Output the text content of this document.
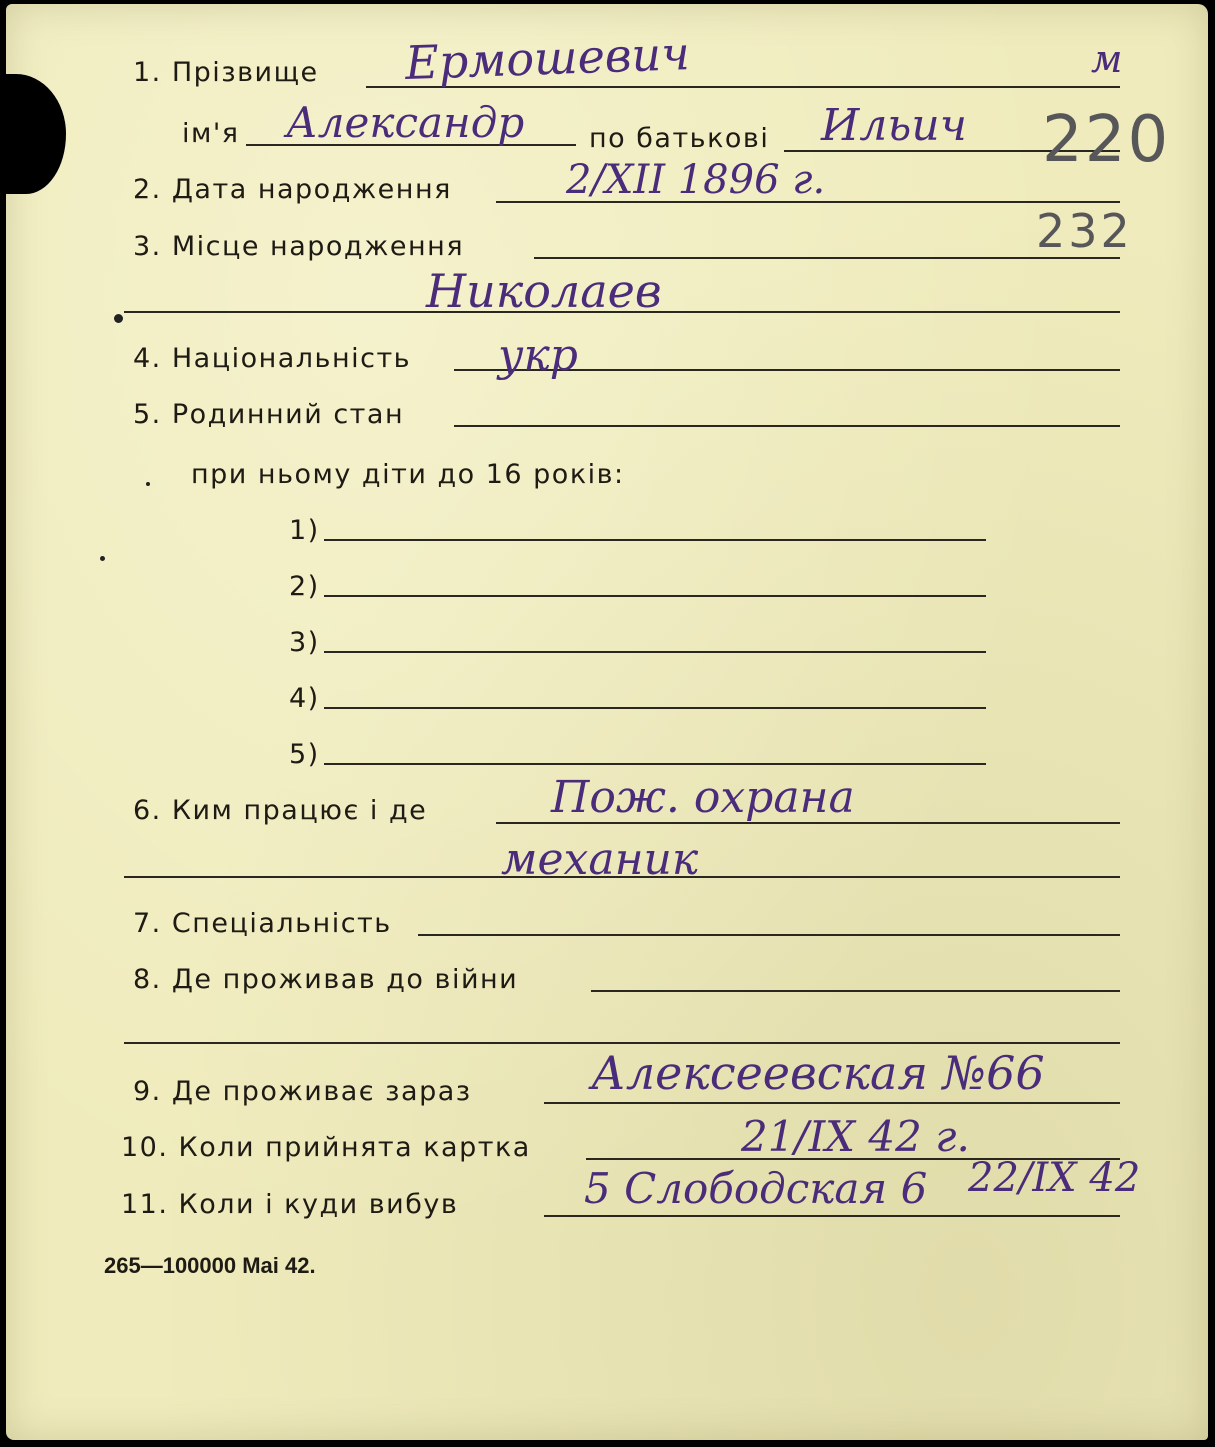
1. Прізвище Ермошевич	м
ім'я Александр по батькові Ильич 220
2. Дата народження	2/XII 1896 г.
3. Місце народження	232
Николаев
4. Національність укр
5. Родинний стан
при ньому діти до 16 років:
1)
2)
3)
4)
5)
6. Ким працює і де	Пож. охрана
механик
7. Спеціальність
8. Де проживав до війни
9. Де проживає зараз	Алексеевская №66
10. Коли прийнята картка	21/IX 42 г.
11. Коли і куди вибув	5 Слободская 6 22/IX 42
265—100000 Mai 42.
